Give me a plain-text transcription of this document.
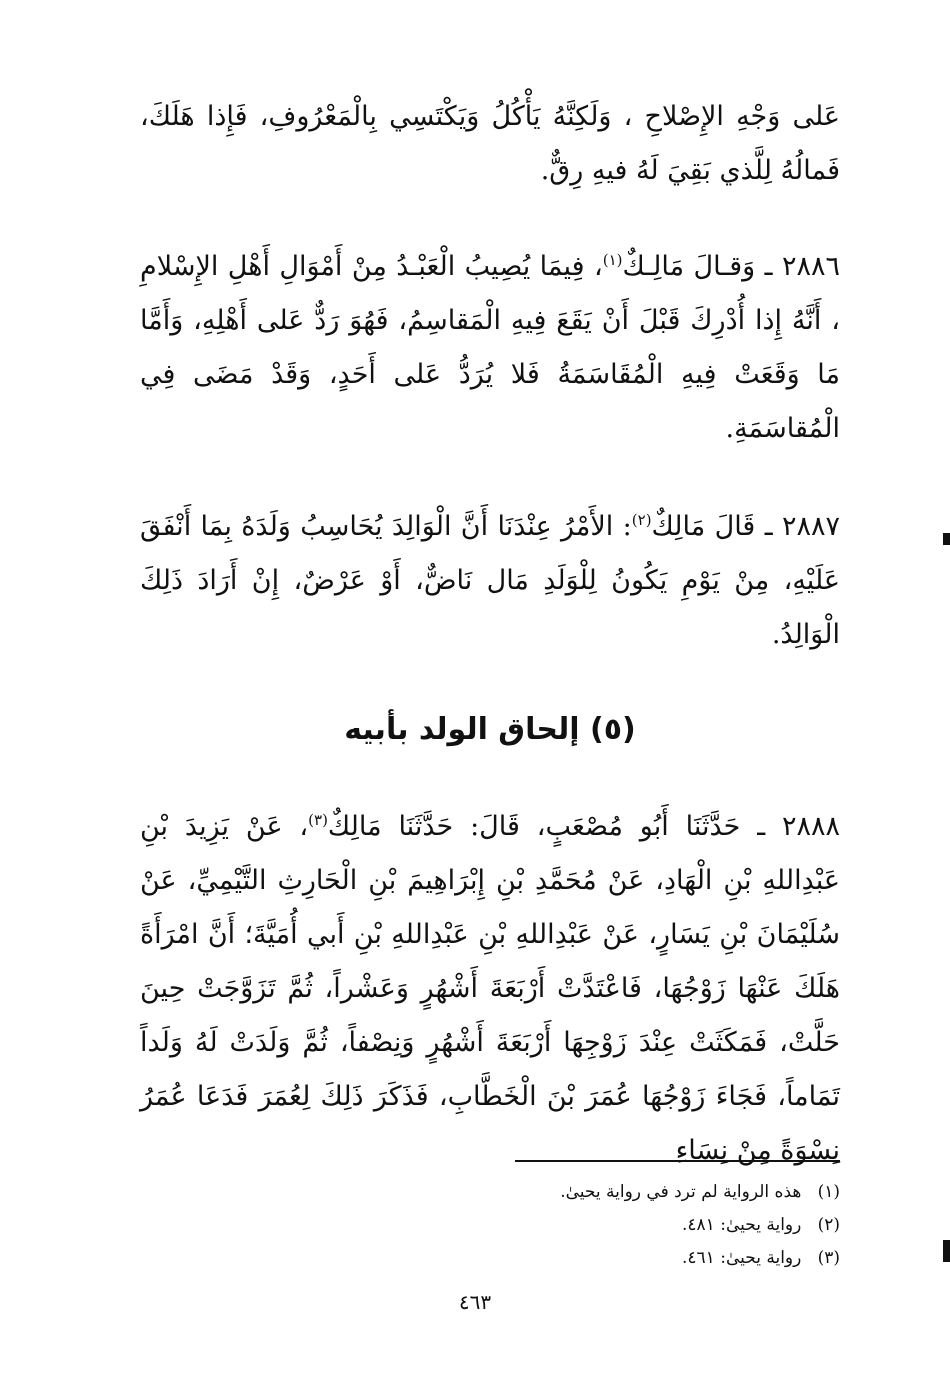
عَلى وَجْهِ الإِصْلاحِ ، وَلَكِنَّهُ يَأْكُلُ وَيَكْتَسِي بِالْمَعْرُوفِ، فَإِذا هَلَكَ، فَمالُهُ لِلَّذي بَقِيَ لَهُ فيهِ رِقٌّ.

٢٨٨٦ ـ وَقـالَ مَالِـكٌ$^{(١)}$، فِيمَا يُصِيبُ الْعَبْـدُ مِنْ أَمْوَالِ أَهْلِ الإِسْلامِ ، أَنَّهُ إِذا أُدْرِكَ قَبْلَ أَنْ يَقَعَ فِيهِ الْمَقاسِمُ، فَهُوَ رَدٌّ عَلى أَهْلِهِ، وَأَمَّا مَا وَقَعَتْ فِيهِ الْمُقَاسَمَةُ فَلا يُرَدُّ عَلى أَحَدٍ، وَقَدْ مَضَى فِي الْمُقاسَمَةِ.

٢٨٨٧ ـ قَالَ مَالِكٌ$^{(٢)}$: الأَمْرُ عِنْدَنَا أَنَّ الْوَالِدَ يُحَاسِبُ وَلَدَهُ بِمَا أَنْفَقَ عَلَيْهِ، مِنْ يَوْمِ يَكُونُ لِلْوَلَدِ مَال نَاضٌّ، أَوْ عَرْضٌ، إِنْ أَرَادَ ذَلِكَ الْوَالِدُ.

(٥) إلحاق الولد بأبيه

٢٨٨٨ ـ حَدَّثَنَا أَبُو مُصْعَبٍ، قَالَ: حَدَّثَنَا مَالِكٌ$^{(٣)}$، عَنْ يَزِيدَ بْنِ عَبْدِاللهِ بْنِ الْهَادِ، عَنْ مُحَمَّدِ بْنِ إِبْرَاهِيمَ بْنِ الْحَارِثِ التَّيْمِيِّ، عَنْ سُلَيْمَانَ بْنِ يَسَارٍ، عَنْ عَبْدِاللهِ بْنِ عَبْدِاللهِ بْنِ أَبي أُمَيَّةَ؛ أَنَّ امْرَأَةً هَلَكَ عَنْهَا زَوْجُهَا، فَاعْتَدَّتْ أَرْبَعَةَ أَشْهُرٍ وَعَشْراً، ثُمَّ تَزَوَّجَتْ حِينَ حَلَّتْ، فَمَكَثَتْ عِنْدَ زَوْجِهَا أَرْبَعَةَ أَشْهُرٍ وَنِصْفاً، ثُمَّ وَلَدَتْ لَهُ وَلَداً تَمَاماً، فَجَاءَ زَوْجُهَا عُمَرَ بْنَ الْخَطَّابِ، فَذَكَرَ ذَلِكَ لِعُمَرَ فَدَعَا عُمَرُ نِسْوَةً مِنْ نِسَاءِ

(١)   هذه الرواية لم ترد في رواية يحيىٰ.
(٢)   رواية يحيىٰ: ٤٨١.
(٣)   رواية يحيىٰ: ٤٦١.
٤٦٣
